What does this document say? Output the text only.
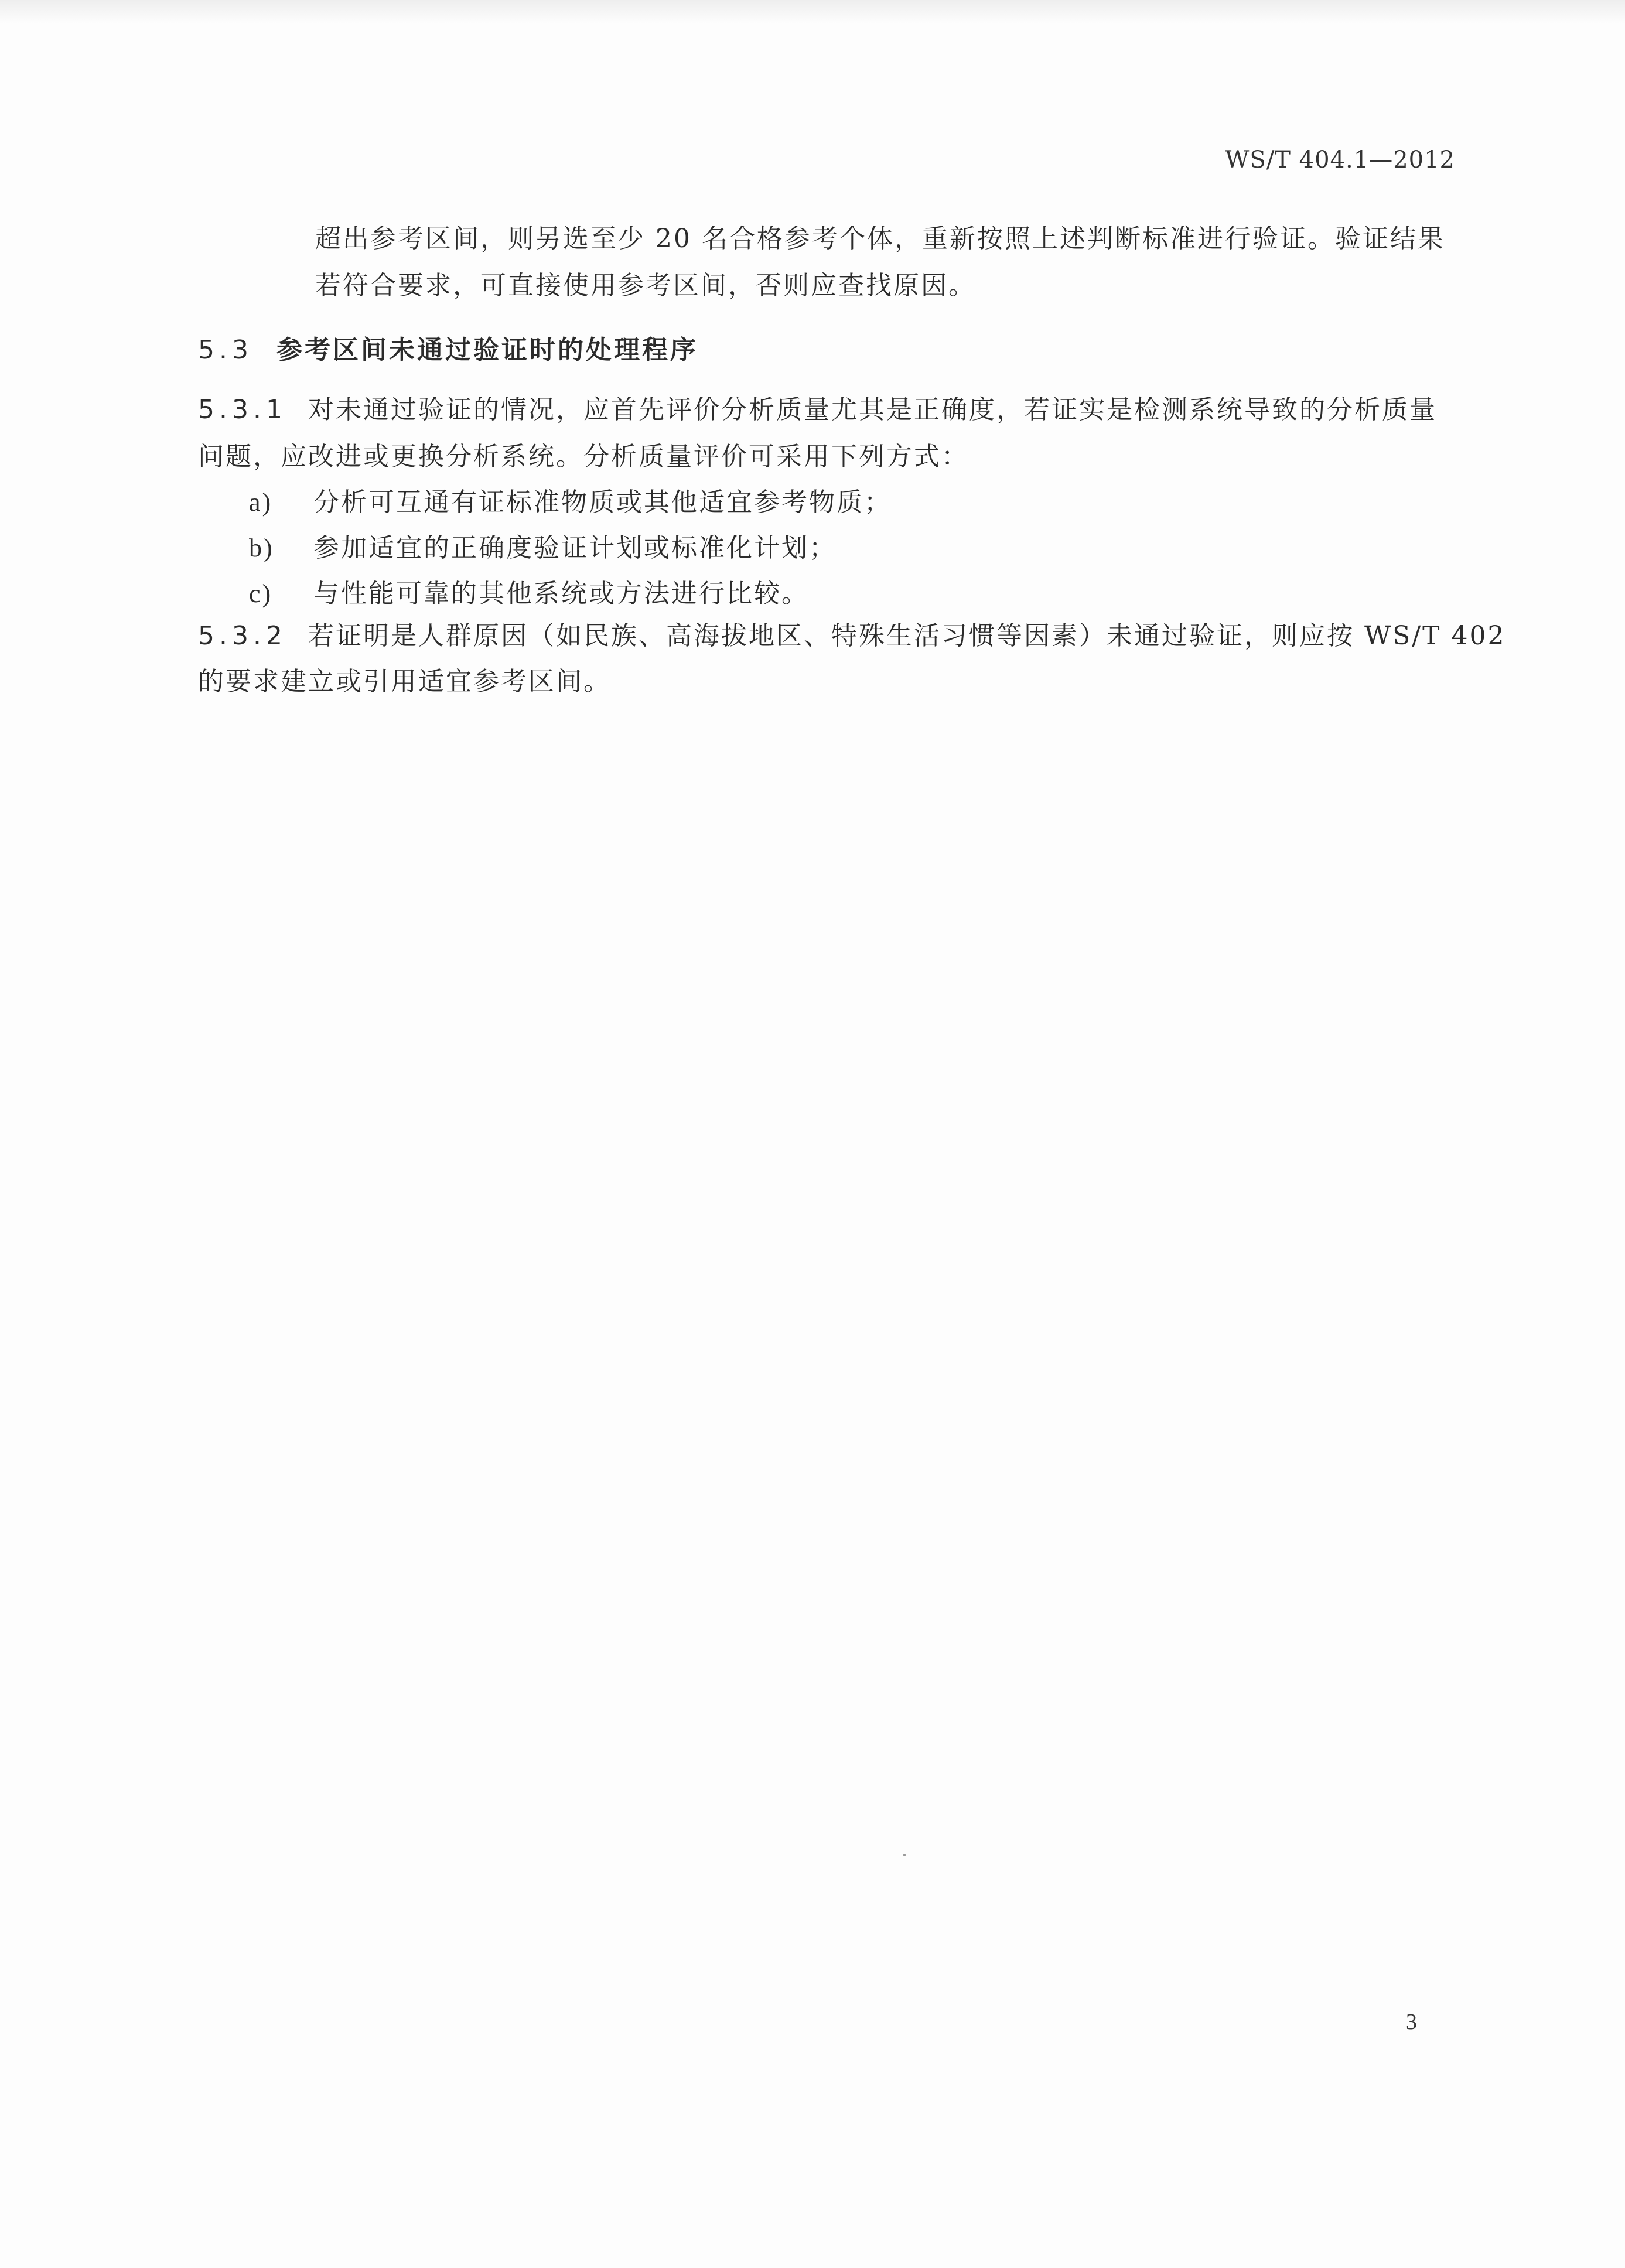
WS/T 404.1—2012
超出参考区间，则另选至少 20 名合格参考个体，重新按照上述判断标准进行验证。验证结果
若符合要求，可直接使用参考区间，否则应查找原因。
5.3 参考区间未通过验证时的处理程序
5.3.1 对未通过验证的情况，应首先评价分析质量尤其是正确度，若证实是检测系统导致的分析质量
问题，应改进或更换分析系统。分析质量评价可采用下列方式：
a) 分析可互通有证标准物质或其他适宜参考物质；
b) 参加适宜的正确度验证计划或标准化计划；
c) 与性能可靠的其他系统或方法进行比较。
5.3.2 若证明是人群原因（如民族、高海拔地区、特殊生活习惯等因素）未通过验证，则应按 WS/T 402
的要求建立或引用适宜参考区间。
3
